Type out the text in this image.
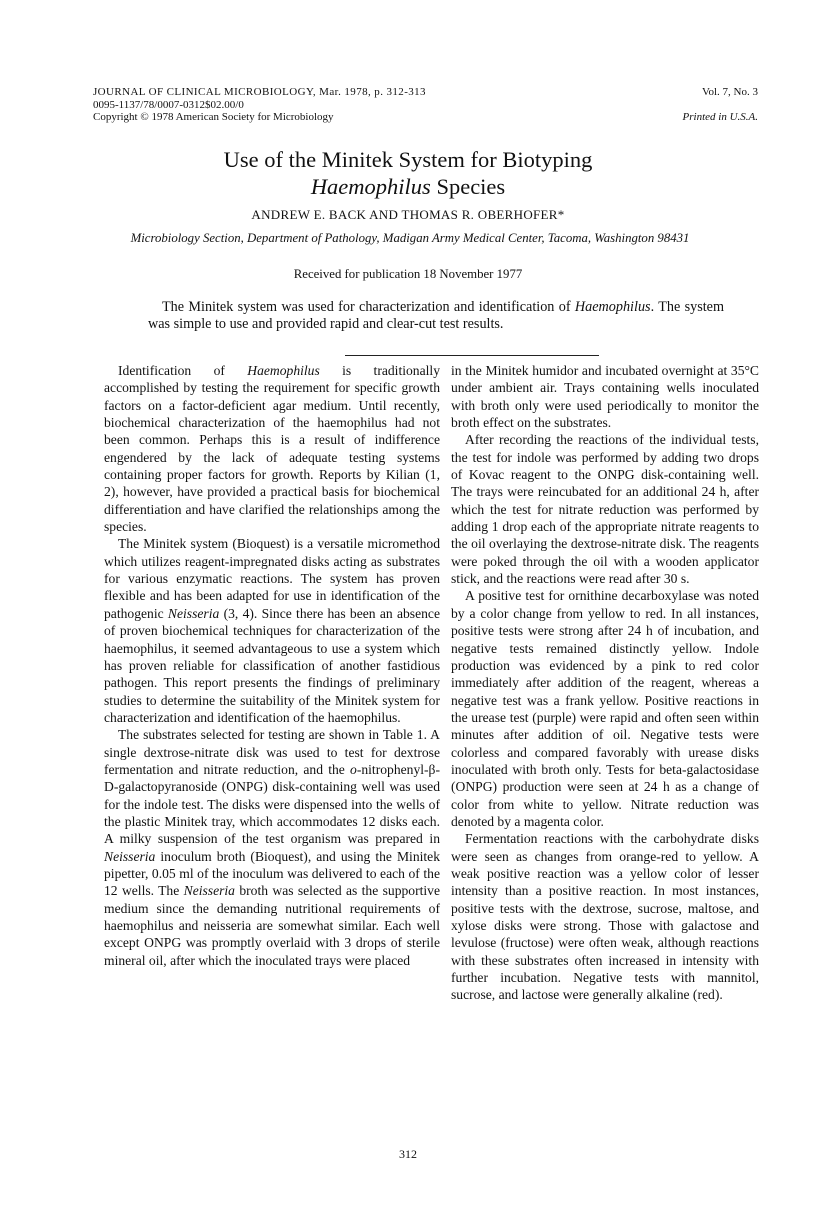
JOURNAL OF CLINICAL MICROBIOLOGY, Mar. 1978, p. 312-313
0095-1137/78/0007-0312$02.00/0
Copyright © 1978 American Society for Microbiology
Vol. 7, No. 3
Printed in U.S.A.
Use of the Minitek System for Biotyping
Haemophilus Species
ANDREW E. BACK AND THOMAS R. OBERHOFER*
Microbiology Section, Department of Pathology, Madigan Army Medical Center, Tacoma, Washington 98431
Received for publication 18 November 1977

The Minitek system was used for characterization and identification of Haemophilus. The system was simple to use and provided rapid and clear-cut test results.

Identification of Haemophilus is traditionally accomplished by testing the requirement for specific growth factors on a factor-deficient agar medium. Until recently, biochemical characterization of the haemophilus had not been common. Perhaps this is a result of indifference engendered by the lack of adequate testing systems containing proper factors for growth. Reports by Kilian (1, 2), however, have provided a practical basis for biochemical differentiation and have clarified the relationships among the species.

The Minitek system (Bioquest) is a versatile micromethod which utilizes reagent-impregnated disks acting as substrates for various enzymatic reactions. The system has proven flexible and has been adapted for use in identification of the pathogenic Neisseria (3, 4). Since there has been an absence of proven biochemical techniques for characterization of the haemophilus, it seemed advantageous to use a system which has proven reliable for classification of another fastidious pathogen. This report presents the findings of preliminary studies to determine the suitability of the Minitek system for characterization and identification of the haemophilus.

The substrates selected for testing are shown in Table 1. A single dextrose-nitrate disk was used to test for dextrose fermentation and nitrate reduction, and the o-nitrophenyl-β-D-galactopyranoside (ONPG) disk-containing well was used for the indole test. The disks were dispensed into the wells of the plastic Minitek tray, which accommodates 12 disks each. A milky suspension of the test organism was prepared in Neisseria inoculum broth (Bioquest), and using the Minitek pipetter, 0.05 ml of the inoculum was delivered to each of the 12 wells. The Neisseria broth was selected as the supportive medium since the demanding nutritional requirements of haemophilus and neisseria are somewhat similar. Each well except ONPG was promptly overlaid with 3 drops of sterile mineral oil, after which the inoculated trays were placed

in the Minitek humidor and incubated overnight at 35°C under ambient air. Trays containing wells inoculated with broth only were used periodically to monitor the broth effect on the substrates.

After recording the reactions of the individual tests, the test for indole was performed by adding two drops of Kovac reagent to the ONPG disk-containing well. The trays were reincubated for an additional 24 h, after which the test for nitrate reduction was performed by adding 1 drop each of the appropriate nitrate reagents to the oil overlaying the dextrose-nitrate disk. The reagents were poked through the oil with a wooden applicator stick, and the reactions were read after 30 s.

A positive test for ornithine decarboxylase was noted by a color change from yellow to red. In all instances, positive tests were strong after 24 h of incubation, and negative tests remained distinctly yellow. Indole production was evidenced by a pink to red color immediately after addition of the reagent, whereas a negative test was a frank yellow. Positive reactions in the urease test (purple) were rapid and often seen within minutes after addition of oil. Negative tests were colorless and compared favorably with urease disks inoculated with broth only. Tests for beta-galactosidase (ONPG) production were seen at 24 h as a change of color from white to yellow. Nitrate reduction was denoted by a magenta color.

Fermentation reactions with the carbohydrate disks were seen as changes from orange-red to yellow. A weak positive reaction was a yellow color of lesser intensity than a positive reaction. In most instances, positive tests with the dextrose, sucrose, maltose, and xylose disks were strong. Those with galactose and levulose (fructose) were often weak, although reactions with these substrates often increased in intensity with further incubation. Negative tests with mannitol, sucrose, and lactose were generally alkaline (red).

312
